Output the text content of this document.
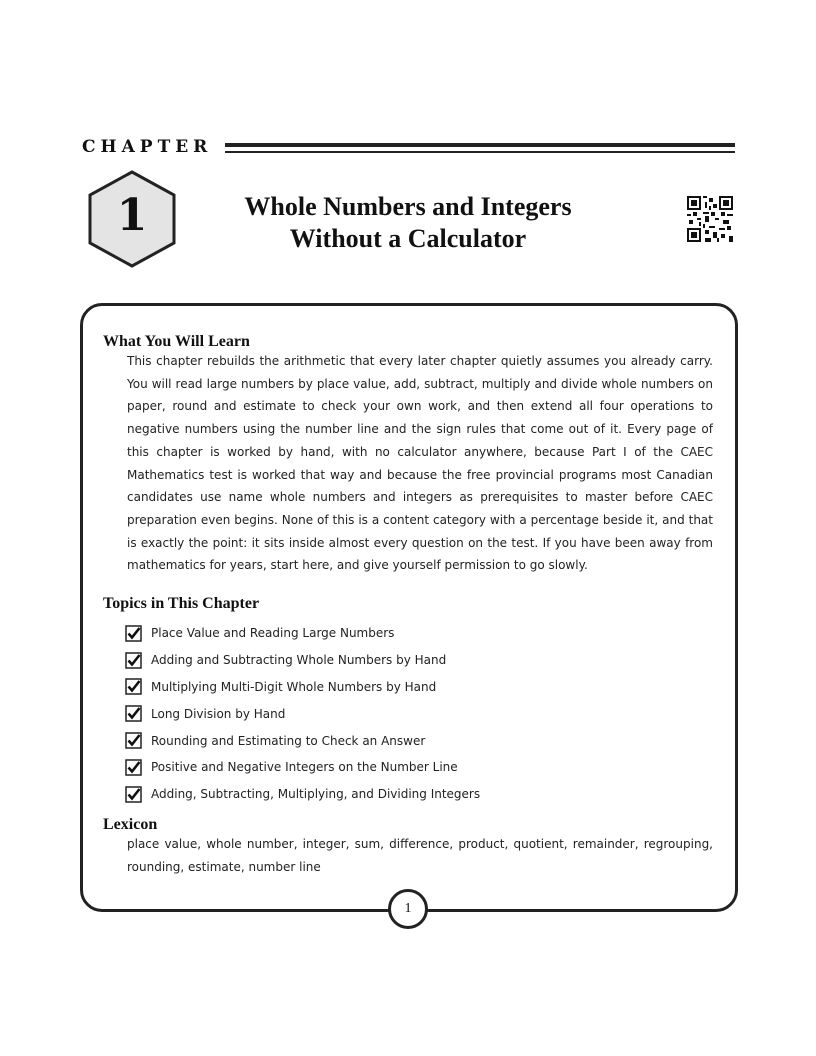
CHAPTER
1	Whole Numbers and Integers
Without a Calculator
What You Will Learn

This chapter rebuilds the arithmetic that every later chapter quietly assumes you already carry. You will read large numbers by place value, add, subtract, multiply and divide whole numbers on paper, round and estimate to check your own work, and then extend all four operations to negative numbers using the number line and the sign rules that come out of it. Every page of this chapter is worked by hand, with no calculator anywhere, because Part I of the CAEC Mathematics test is worked that way and because the free provincial programs most Canadian candidates use name whole numbers and integers as prerequisites to master before CAEC preparation even begins. None of this is a content category with a percentage beside it, and that is exactly the point: it sits inside almost every question on the test. If you have been away from mathematics for years, start here, and give yourself permission to go slowly.

Topics in This Chapter
Place Value and Reading Large Numbers
Adding and Subtracting Whole Numbers by Hand
Multiplying Multi-Digit Whole Numbers by Hand
Long Division by Hand
Rounding and Estimating to Check an Answer
Positive and Negative Integers on the Number Line
Adding, Subtracting, Multiplying, and Dividing Integers
Lexicon

place value, whole number, integer, sum, difference, product, quotient, remainder, regrouping, rounding, estimate, number line

1
